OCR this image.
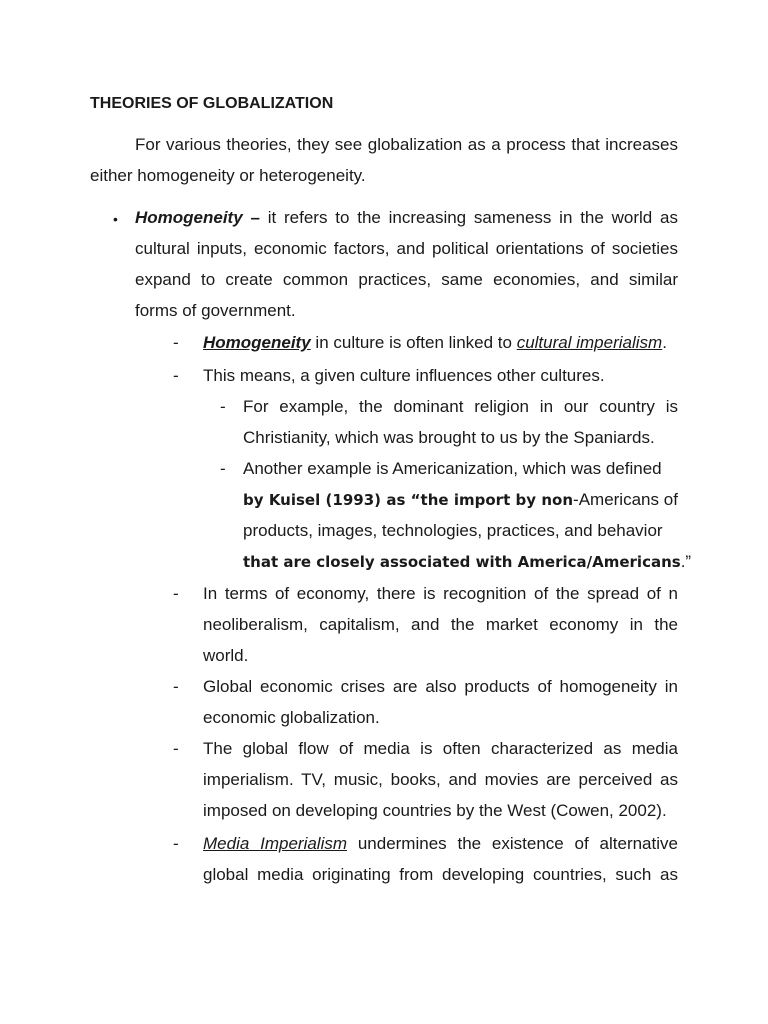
THEORIES OF GLOBALIZATION
For various theories, they see globalization as a process that increases
either homogeneity or heterogeneity.
• Homogeneity – it refers to the increasing sameness in the world as
cultural inputs, economic factors, and political orientations of societies
expand to create common practices, same economies, and similar
forms of government.
- Homogeneity in culture is often linked to cultural imperialism.
- This means, a given culture influences other cultures.
- For example, the dominant religion in our country is
Christianity, which was brought to us by the Spaniards.
- Another example is Americanization, which was defined
by Kuisel (1993) as “the import by non-Americans of
products, images, technologies, practices, and behavior
that are closely associated with America/Americans.”
- In terms of economy, there is recognition of the spread of n
neoliberalism, capitalism, and the market economy in the
world.
- Global economic crises are also products of homogeneity in
economic globalization.
- The global flow of media is often characterized as media
imperialism. TV, music, books, and movies are perceived as
imposed on developing countries by the West (Cowen, 2002).
- Media Imperialism undermines the existence of alternative
global media originating from developing countries, such as
